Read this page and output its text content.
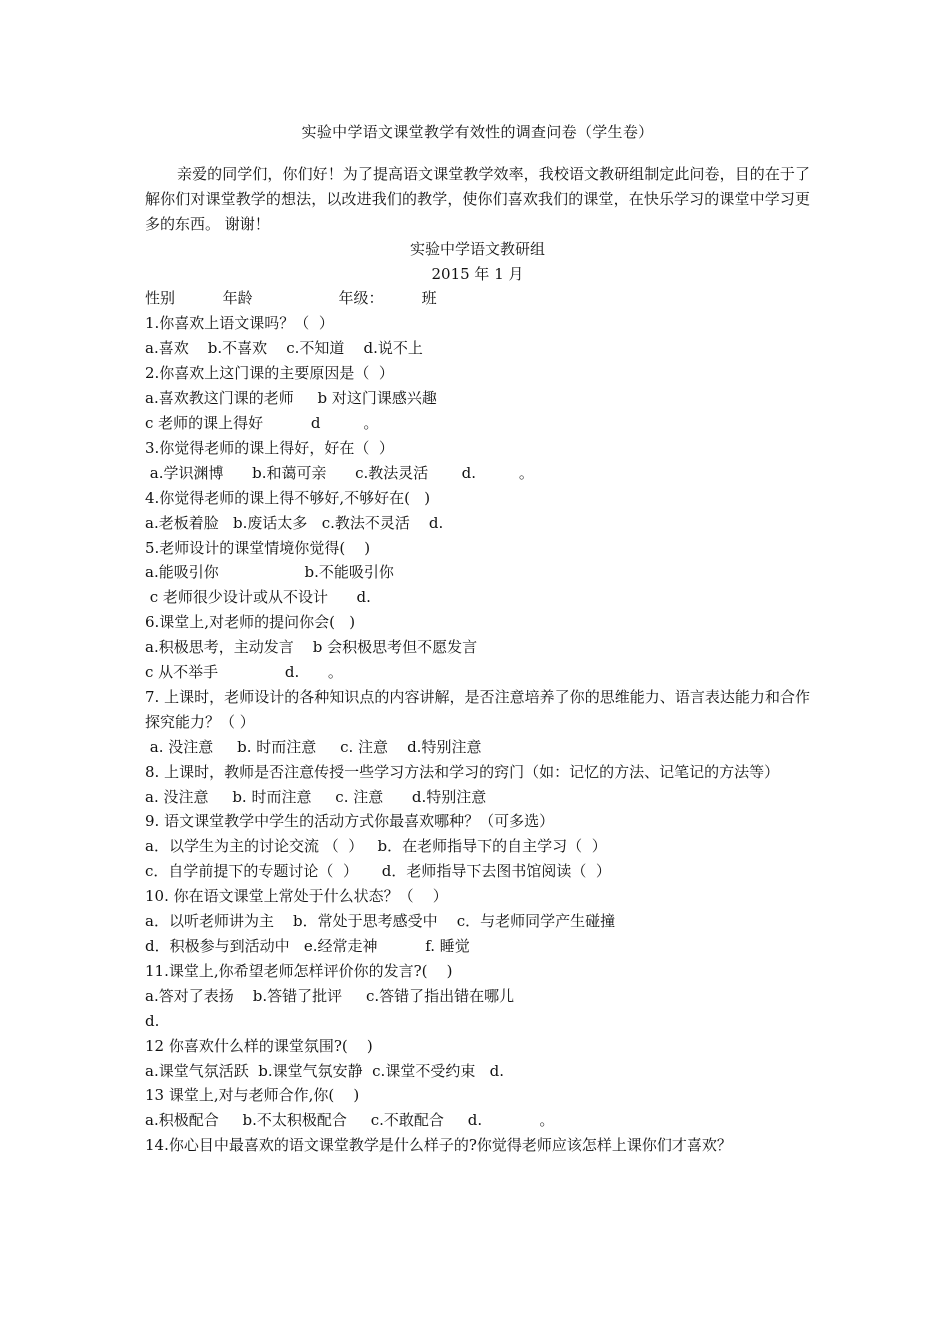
实验中学语文课堂教学有效性的调查问卷（学生卷）

亲爱的同学们，你们好！为了提高语文课堂教学效率，我校语文教研组制定此问卷，目的在于了解你们对课堂教学的想法，以改进我们的教学，使你们喜欢我们的课堂，在快乐学习的课堂中学习更多的东西。 谢谢！

实验中学语文教研组
2015 年 1 月
性别          年龄                  年级：        班
1.你喜欢上语文课吗？（  ）
a.喜欢    b.不喜欢    c.不知道    d.说不上
2.你喜欢上这门课的主要原因是（  ）
a.喜欢教这门课的老师     b 对这门课感兴趣
c 老师的课上得好          d         。
3.你觉得老师的课上得好，好在（  ）
a.学识渊博      b.和蔼可亲      c.教法灵活       d.         。
4.你觉得老师的课上得不够好,不够好在(   )
a.老板着脸   b.废话太多   c.教法不灵活    d.
5.老师设计的课堂情境你觉得(    )
a.能吸引你                  b.不能吸引你
c 老师很少设计或从不设计      d.
6.课堂上,对老师的提问你会(   )
a.积极思考，主动发言    b 会积极思考但不愿发言
c 从不举手              d.      。
7. 上课时，老师设计的各种知识点的内容讲解，是否注意培养了你的思维能力、语言表达能力和合作探究能力？（ ）
a. 没注意     b. 时而注意     c. 注意    d.特别注意
8. 上课时，教师是否注意传授一些学习方法和学习的窍门（如：记忆的方法、记笔记的方法等）
a. 没注意     b. 时而注意     c. 注意      d.特别注意
9. 语文课堂教学中学生的活动方式你最喜欢哪种？（可多选）
a．以学生为主的讨论交流 （  ）   b．在老师指导下的自主学习（  ）
c．自学前提下的专题讨论（  ）     d．老师指导下去图书馆阅读（  ）
10. 你在语文课堂上常处于什么状态？（    ）
a．以听老师讲为主    b．常处于思考感受中    c．与老师同学产生碰撞
d．积极参与到活动中   e.经常走神          f. 睡觉
11.课堂上,你希望老师怎样评价你的发言?(    )
a.答对了表扬    b.答错了批评     c.答错了指出错在哪儿
d.
12 你喜欢什么样的课堂氛围?(    )
a.课堂气氛活跃  b.课堂气氛安静  c.课堂不受约束   d.
13 课堂上,对与老师合作,你(    )
a.积极配合     b.不太积极配合     c.不敢配合     d.            。
14.你心目中最喜欢的语文课堂教学是什么样子的?你觉得老师应该怎样上课你们才喜欢？
